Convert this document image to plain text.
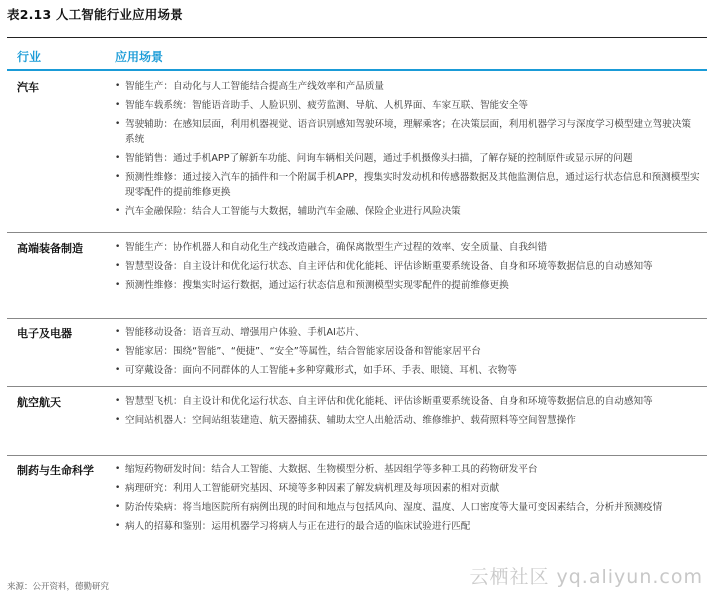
表2.13 人工智能行业应用场景
行业	应用场景
汽车	• 智能生产：自动化与人工智能结合提高生产线效率和产品质量
• 智能车载系统：智能语音助手、人脸识别、疲劳监测、导航、人机界面、车家互联、智能安全等
• 驾驶辅助：在感知层面，利用机器视觉、语音识别感知驾驶环境，理解乘客；在决策层面，利用机器学习与深度学习模型建立驾驶决策系统
• 智能销售：通过手机APP了解新车功能、问询车辆相关问题，通过手机摄像头扫描，了解存疑的控制原件或显示屏的问题
• 预测性维修：通过接入汽车的插件和一个附属手机APP，搜集实时发动机和传感器数据及其他监测信息，通过运行状态信息和预测模型实现零配件的提前维修更换
• 汽车金融保险：结合人工智能与大数据，辅助汽车金融、保险企业进行风险决策
高端装备制造	• 智能生产：协作机器人和自动化生产线改造融合，确保离散型生产过程的效率、安全质量、自我纠错
• 智慧型设备：自主设计和优化运行状态、自主评估和优化能耗、评估诊断重要系统设备、自身和环境等数据信息的自动感知等
• 预测性维修：搜集实时运行数据，通过运行状态信息和预测模型实现零配件的提前维修更换
电子及电器	• 智能移动设备：语音互动、增强用户体验、手机AI芯片、
• 智能家居：围绕“智能”、“便捷”、“安全”等属性，结合智能家居设备和智能家居平台
• 可穿戴设备：面向不同群体的人工智能+多种穿戴形式，如手环、手表、眼镜、耳机、衣物等
航空航天	• 智慧型飞机：自主设计和优化运行状态、自主评估和优化能耗、评估诊断重要系统设备、自身和环境等数据信息的自动感知等
• 空间站机器人：空间站组装建造、航天器捕获、辅助太空人出舱活动、维修维护、载荷照料等空间智慧操作
制药与生命科学 • 缩短药物研发时间：结合人工智能、大数据、生物模型分析、基因组学等多种工具的药物研发平台
• 病理研究：利用人工智能研究基因、环境等多种因素了解发病机理及每项因素的相对贡献
• 防治传染病：将当地医院所有病例出现的时间和地点与包括风向、湿度、温度、人口密度等大量可变因素结合，分析并预测疫情
• 病人的招募和鉴别：运用机器学习将病人与正在进行的最合适的临床试验进行匹配
来源：公开资料，德勤研究	云栖社区 yq.aliyun.com
